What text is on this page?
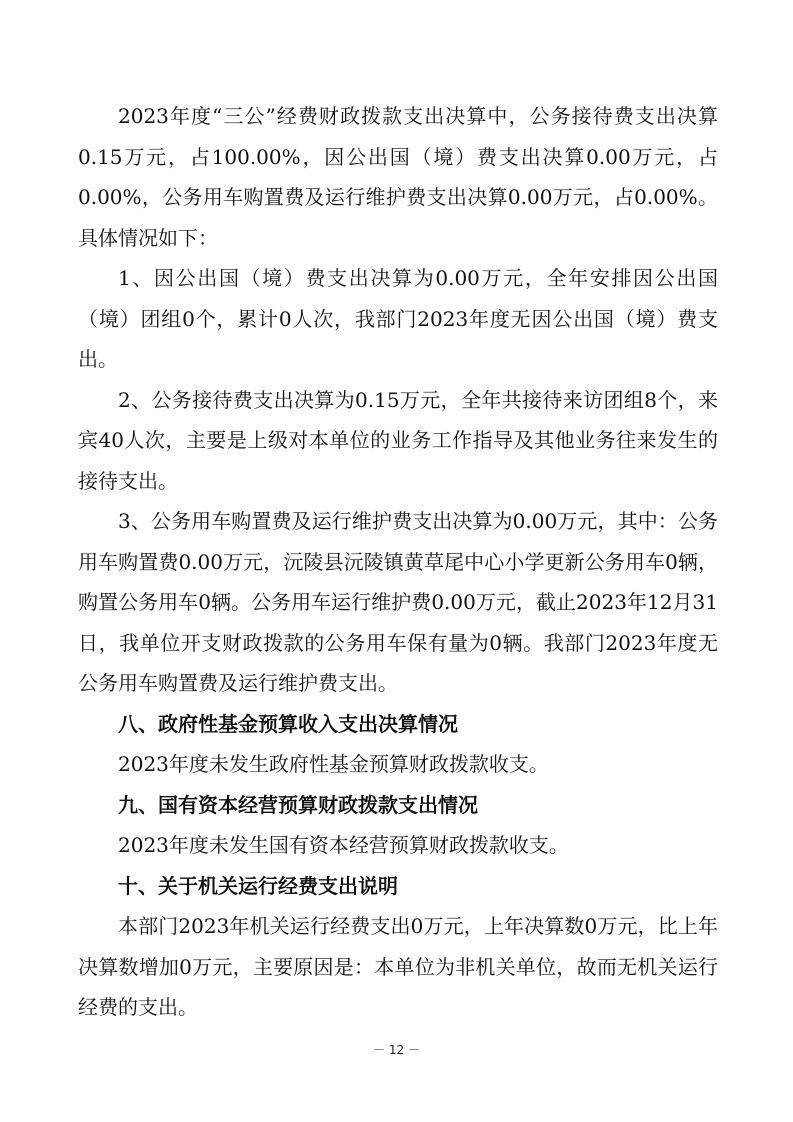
2023年度“三公”经费财政拨款支出决算中，公务接待费支出决算0.15万元，占100.00%，因公出国（境）费支出决算0.00万元，占0.00%，公务用车购置费及运行维护费支出决算0.00万元，占0.00%。具体情况如下：

1、因公出国（境）费支出决算为0.00万元，全年安排因公出国（境）团组0个，累计0人次，我部门2023年度无因公出国（境）费支出。

2、公务接待费支出决算为0.15万元，全年共接待来访团组8个，来宾40人次，主要是上级对本单位的业务工作指导及其他业务往来发生的接待支出。

3、公务用车购置费及运行维护费支出决算为0.00万元，其中：公务用车购置费0.00万元，沅陵县沅陵镇黄草尾中心小学更新公务用车0辆，购置公务用车0辆。公务用车运行维护费0.00万元，截止2023年12月31日，我单位开支财政拨款的公务用车保有量为0辆。我部门2023年度无公务用车购置费及运行维护费支出。

八、政府性基金预算收入支出决算情况

2023年度未发生政府性基金预算财政拨款收支。

九、国有资本经营预算财政拨款支出情况

2023年度未发生国有资本经营预算财政拨款收支。

十、关于机关运行经费支出说明

本部门2023年机关运行经费支出0万元，上年决算数0万元，比上年决算数增加0万元，主要原因是：本单位为非机关单位，故而无机关运行经费的支出。

－ 12 －
